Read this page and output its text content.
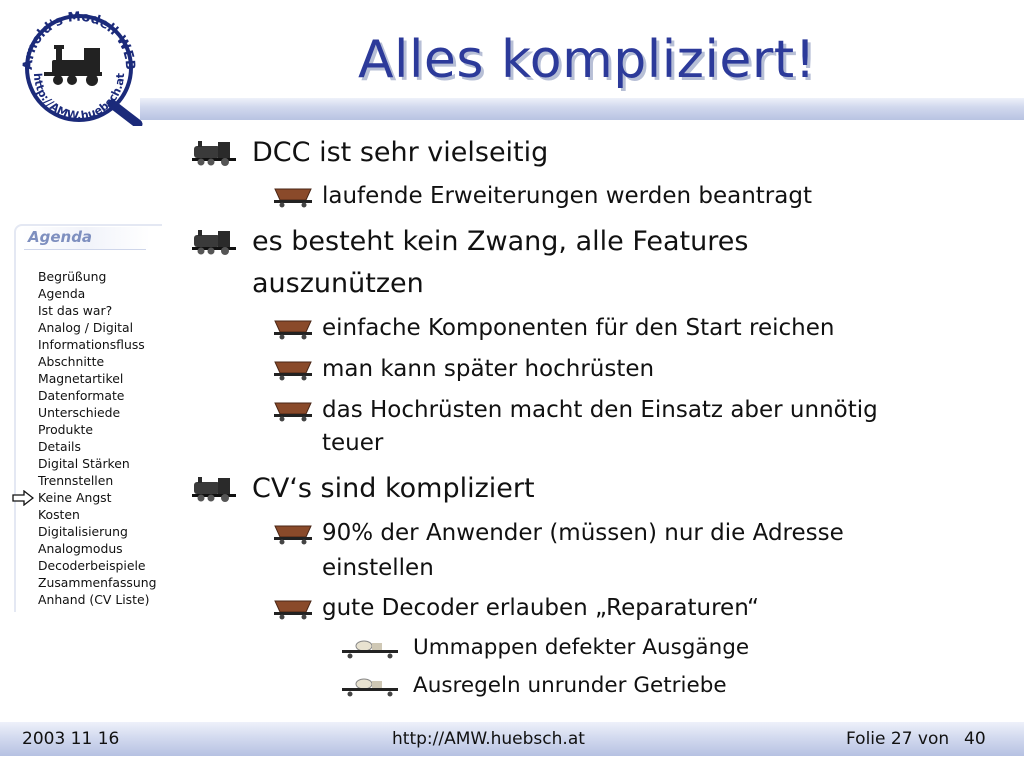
Arnold's Modell WEB
http://AMW.huebsch.at	Alles kompliziert!
Agenda
Begrüßung
Agenda
Ist das war?
Analog / Digital
Informationsfluss
Abschnitte
Magnetartikel
Datenformate
Unterschiede
Produkte
Details
Digital Stärken
Trennstellen
Keine Angst
Kosten
Digitalisierung
Analogmodus
Decoderbeispiele
Zusammenfassung
Anhand (CV Liste)
DCC ist sehr vielseitig
es besteht kein Zwang, alle Features
auszunützen
CV‘s sind kompliziert
laufende Erweiterungen werden beantragt
einfache Komponenten für den Start reichen
man kann später hochrüsten
das Hochrüsten macht den Einsatz aber unnötig
teuer
90% der Anwender (müssen) nur die Adresse
einstellen
gute Decoder erlauben „Reparaturen“
Ummappen defekter Ausgänge
Ausregeln unrunder Getriebe
2003 11 16	http://AMW.huebsch.at	Folie 27 von 40
